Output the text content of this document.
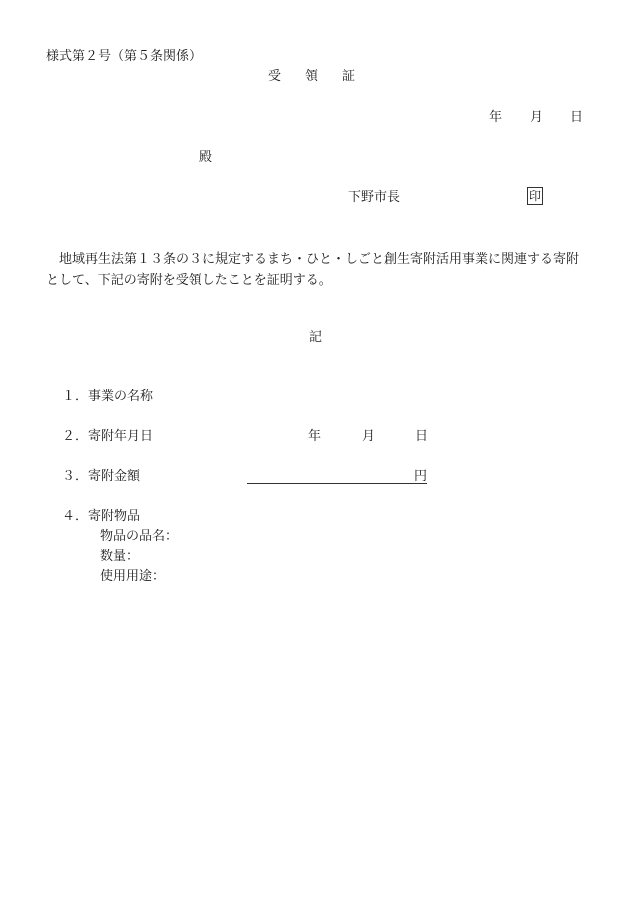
様式第２号（第５条関係）
受 領 証
年 月 日
殿
下野市長	印
地域再生法第１３条の３に規定するまち・ひと・しごと創生寄附活用事業に関連する寄附として、下記の寄附を受領したことを証明する。
記
１．事業の名称
２．寄附年月日	年	月	日
３．寄附金額	円
４．寄附物品
物品の品名：
数量：
使用用途：
